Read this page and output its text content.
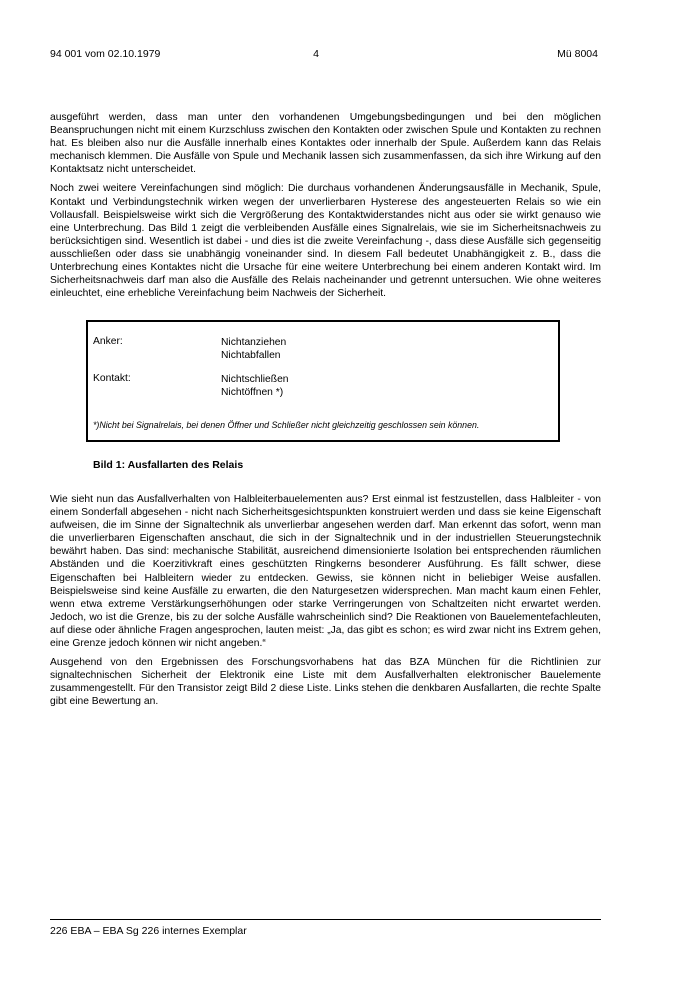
94 001 vom 02.10.1979	4	Mü 8004

ausgeführt werden, dass man unter den vorhandenen Umgebungsbedingungen und bei den möglichen Beanspruchungen nicht mit einem Kurzschluss zwischen den Kontakten oder zwischen Spule und Kontakten zu rechnen hat. Es bleiben also nur die Ausfälle innerhalb eines Kontaktes oder innerhalb der Spule. Außerdem kann das Relais mechanisch klemmen. Die Ausfälle von Spule und Mechanik lassen sich zusammenfassen, da sich ihre Wirkung auf den Kontaktsatz nicht unterscheidet.

Noch zwei weitere Vereinfachungen sind möglich: Die durchaus vorhandenen Änderungsausfälle in Mechanik, Spule, Kontakt und Verbindungstechnik wirken wegen der unverlierbaren Hysterese des angesteuerten Relais so wie ein Vollausfall. Beispielsweise wirkt sich die Vergrößerung des Kontaktwiderstandes nicht aus oder sie wirkt genauso wie eine Unterbrechung. Das Bild 1 zeigt die verbleibenden Ausfälle eines Signalrelais, wie sie im Sicherheitsnachweis zu berücksichtigen sind. Wesentlich ist dabei - und dies ist die zweite Vereinfachung -, dass diese Ausfälle sich gegenseitig ausschließen oder dass sie unabhängig voneinander sind. In diesem Fall bedeutet Unabhängigkeit z. B., dass die Unterbrechung eines Kontaktes nicht die Ursache für eine weitere Unterbrechung bei einem anderen Kontakt wird. Im Sicherheitsnachweis darf man also die Ausfälle des Relais nacheinander und getrennt untersuchen. Wie ohne weiteres einleuchtet, eine erhebliche Vereinfachung beim Nachweis der Sicherheit.

Anker:	Nichtanziehen
Nichtabfallen
Kontakt:	Nichtschließen
Nichtöffnen *)
*)Nicht bei Signalrelais, bei denen Öffner und Schließer nicht gleichzeitig geschlossen sein können.
Bild 1: Ausfallarten des Relais

Wie sieht nun das Ausfallverhalten von Halbleiterbauelementen aus? Erst einmal ist festzustellen, dass Halbleiter - von einem Sonderfall abgesehen - nicht nach Sicherheitsgesichtspunkten konstruiert werden und dass sie keine Eigenschaft aufweisen, die im Sinne der Signaltechnik als unverlierbar angesehen werden darf. Man erkennt das sofort, wenn man die unverlierbaren Eigenschaften anschaut, die sich in der Signaltechnik und in der industriellen Steuerungstechnik bewährt haben. Das sind: mechanische Stabilität, ausreichend dimensionierte Isolation bei entsprechenden räumlichen Abständen und die Koerzitivkraft eines geschützten Ringkerns besonderer Ausführung. Es fällt schwer, diese Eigenschaften bei Halbleitern wieder zu entdecken. Gewiss, sie können nicht in beliebiger Weise ausfallen. Beispielsweise sind keine Ausfälle zu erwarten, die den Naturgesetzen widersprechen. Man macht kaum einen Fehler, wenn etwa extreme Verstärkungserhöhungen oder starke Verringerungen von Schaltzeiten nicht erwartet werden. Jedoch, wo ist die Grenze, bis zu der solche Ausfälle wahrscheinlich sind? Die Reaktionen von Bauelementefachleuten, auf diese oder ähnliche Fragen angesprochen, lauten meist: „Ja, das gibt es schon; es wird zwar nicht ins Extrem gehen, eine Grenze jedoch können wir nicht angeben.“

Ausgehend von den Ergebnissen des Forschungsvorhabens hat das BZA München für die Richtlinien zur signaltechnischen Sicherheit der Elektronik eine Liste mit dem Ausfallverhalten elektronischer Bauelemente zusammengestellt. Für den Transistor zeigt Bild 2 diese Liste. Links stehen die denkbaren Ausfallarten, die rechte Spalte gibt eine Bewertung an.

226 EBA – EBA Sg 226 internes Exemplar
